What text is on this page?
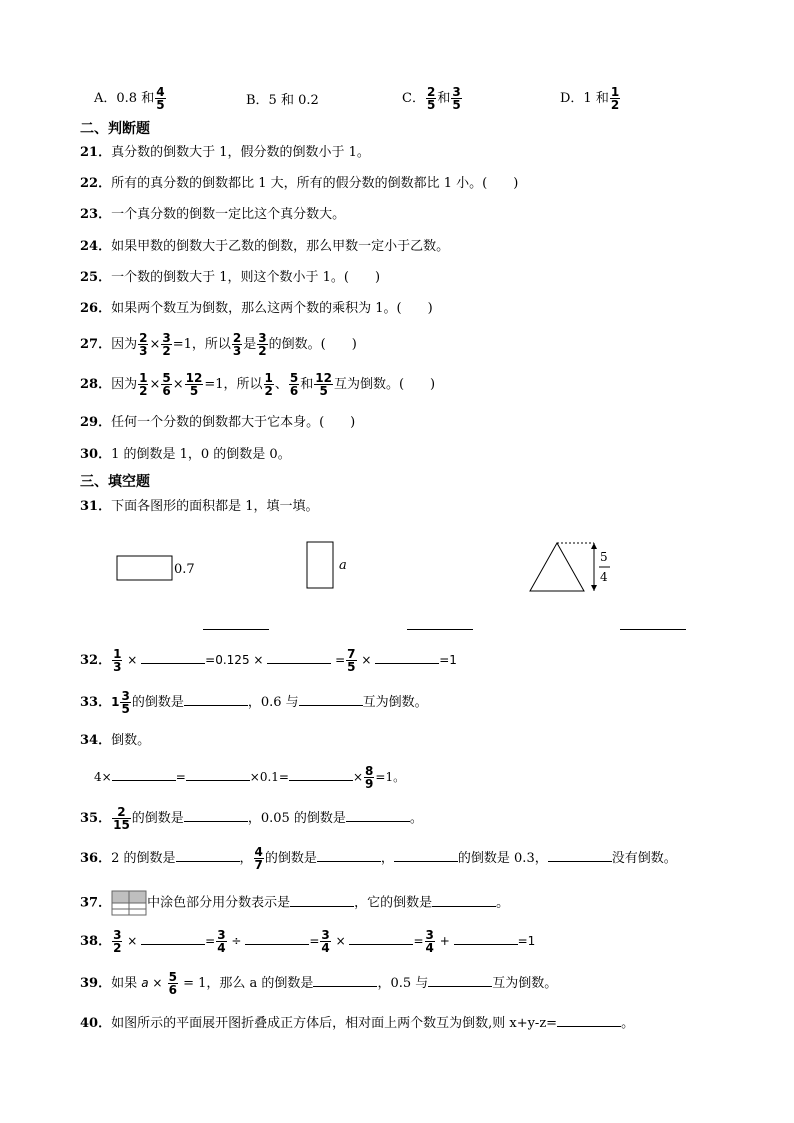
A．0.8 和 $\frac{4}{5}$	B．5 和 0.2	C． $\frac{2}{5}$ 和 $\frac{3}{5}$	D．1 和 $\frac{1}{2}$
二、判断题
21．真分数的倒数大于 1，假分数的倒数小于 1。
22．所有的真分数的倒数都比 1 大，所有的假分数的倒数都比 1 小。( )
23．一个真分数的倒数一定比这个真分数大。
24．如果甲数的倒数大于乙数的倒数，那么甲数一定小于乙数。
25．一个数的倒数大于 1，则这个数小于 1。( )
26．如果两个数互为倒数，那么这两个数的乘积为 1。( )
27．因为 $\frac{2}{3} \times \frac{3}{2} =1$，所以 $\frac{2}{3}$ 是 $\frac{3}{2}$ 的倒数。( )
28．因为 $\frac{1}{2} \times \frac{5}{6} \times \frac{12}{5} =1$，所以 $\frac{1}{2}$ 、 $\frac{5}{6}$ 和 $\frac{12}{5}$ 互为倒数。( )
29．任何一个分数的倒数都大于它本身。( )
30．1 的倒数是 1，0 的倒数是 0。
三、填空题
31．下面各图形的面积都是 1，填一填。
0.7	a
5
4
32． $\frac{1}{3}$ ×	=0.125 ×	= $\frac{7}{5}$ ×	=1
33．$1 \frac{3}{5}$ 的倒数是	，0.6 与	互为倒数。
34．倒数。
4×	=	×0.1=	× $\frac{8}{9} =1$。
35． $\frac{2}{15}$ 的倒数是	，0.05 的倒数是	。
36．2 的倒数是	， $\frac{4}{7}$ 的倒数是	，	的倒数是 0.3，	没有倒数。
37．	中涂色部分用分数表示是	，它的倒数是	。
38． $\frac{3}{2}$ ×	= $\frac{3}{4}$ ÷	= $\frac{3}{4}$ ×	= $\frac{3}{4}$ +	=1
39．如果 $a \times \frac{5}{6} = 1$，那么 a 的倒数是	，0.5 与	互为倒数。
40．如图所示的平面展开图折叠成正方体后，相对面上两个数互为倒数,则 x+y-z=	。
